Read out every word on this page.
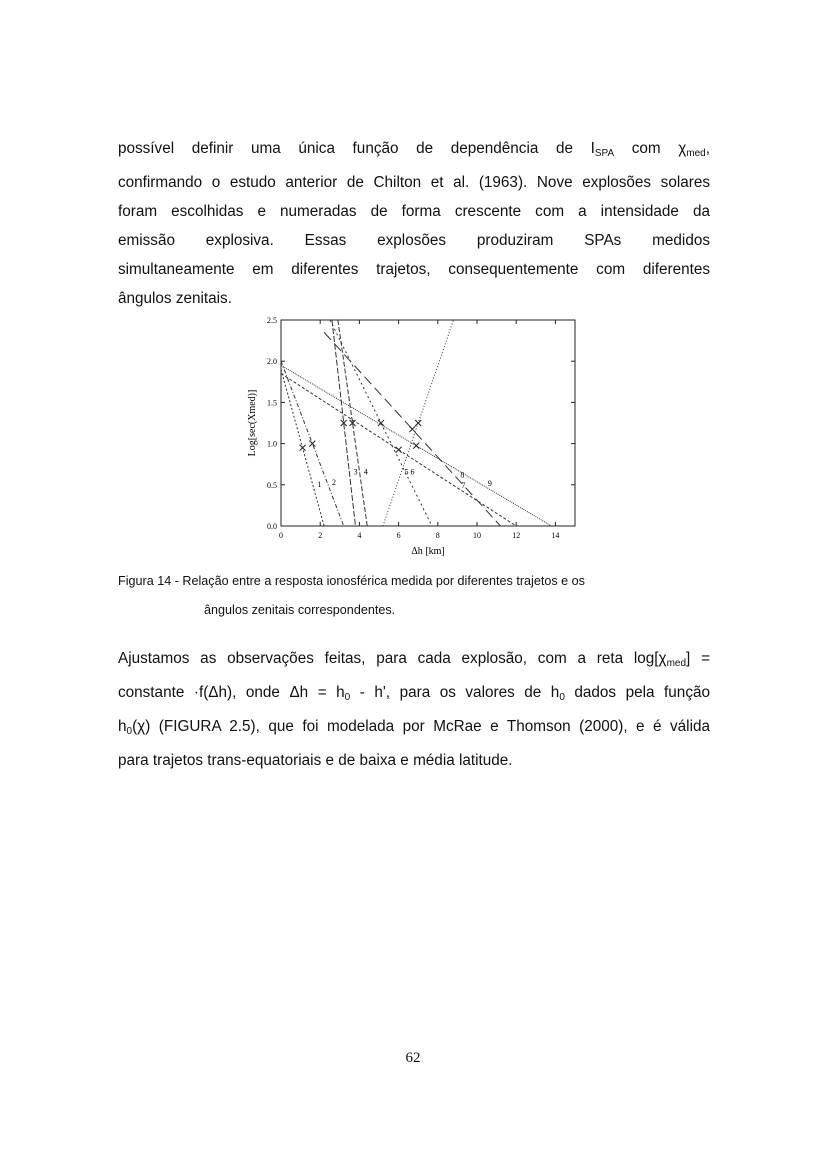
possível definir uma única função de dependência de $I_{SPA}$ com $\chi_{med}$,
confirmando o estudo anterior de Chilton et al. (1963). Nove explosões solares
foram escolhidas e numeradas de forma crescente com a intensidade da
emissão explosiva. Essas explosões produziram SPAs medidos
simultaneamente em diferentes trajetos, consequentemente com diferentes
ângulos zenitais.
2.5
2.0
1.5
1.0
0.5
0.0
0	2	4	6	8	10	12	14
1 2
3 4	5 6
7
8
9
Log[sec(Xmed)]
Δh [km]
Figura 14 - Relação entre a resposta ionosférica medida por diferentes trajetos e os
ângulos zenitais correspondentes.
Ajustamos as observações feitas, para cada explosão, com a reta $\log[\chi_{med}]$ =
constante ·f(Δh), onde $\Delta h = h_0 - h'$, para os valores de $h_0$ dados pela função
$h_0(\chi)$ (FIGURA 2.5), que foi modelada por McRae e Thomson (2000), e é válida
para trajetos trans-equatoriais e de baixa e média latitude.
62
